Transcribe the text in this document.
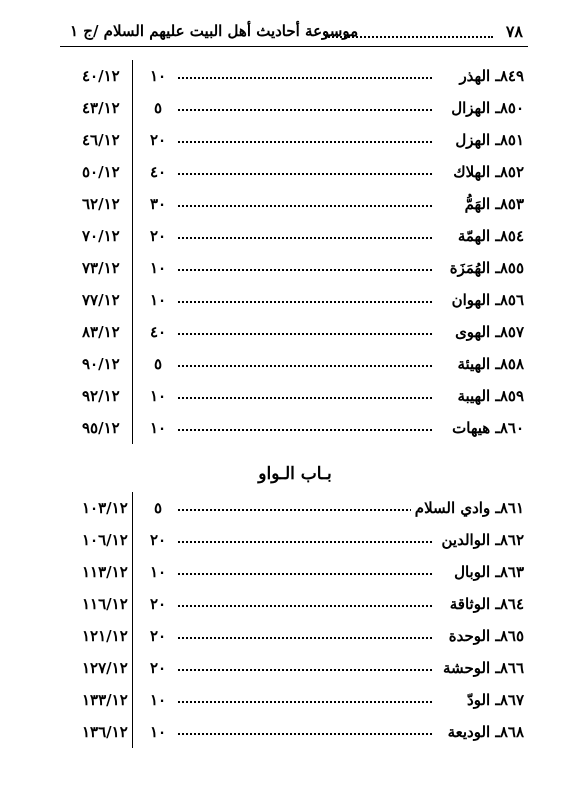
٧٨
موسوعة أحاديث أهل البيت عليهم السلام /ج ١
٤٠/١٢ ١٠	٨٤٩ـ الهذر
٤٣/١٢	٥	٨٥٠ـ الهزال
٤٦/١٢ ٢٠	٨٥١ـ الهزل
٥٠/١٢ ٤٠	٨٥٢ـ الهلاك
٦٢/١٢ ٣٠	٨٥٣ـ الهَمُّ
٧٠/١٢ ٢٠	٨٥٤ـ الهمّة
٧٣/١٢ ١٠	٨٥٥ـ الهُمَزَة
٧٧/١٢ ١٠	٨٥٦ـ الهوان
٨٣/١٢ ٤٠	٨٥٧ـ الهوى
٩٠/١٢	٥	٨٥٨ـ الهيئة
٩٢/١٢ ١٠	٨٥٩ـ الهيبة
٩٥/١٢ ١٠	٨٦٠ـ هيهات
بـاب الـواو
١٠٣/١٢	٥	٨٦١ـ وادي السلام
١٠٦/١٢ ٢٠	٨٦٢ـ الوالدين
١١٣/١٢ ١٠	٨٦٣ـ الوبال
١١٦/١٢ ٢٠	٨٦٤ـ الوثاقة
١٢١/١٢ ٢٠	٨٦٥ـ الوحدة
١٢٧/١٢ ٢٠	٨٦٦ـ الوحشة
١٣٣/١٢ ١٠	٨٦٧ـ الودّ
١٣٦/١٢ ١٠	٨٦٨ـ الوديعة
